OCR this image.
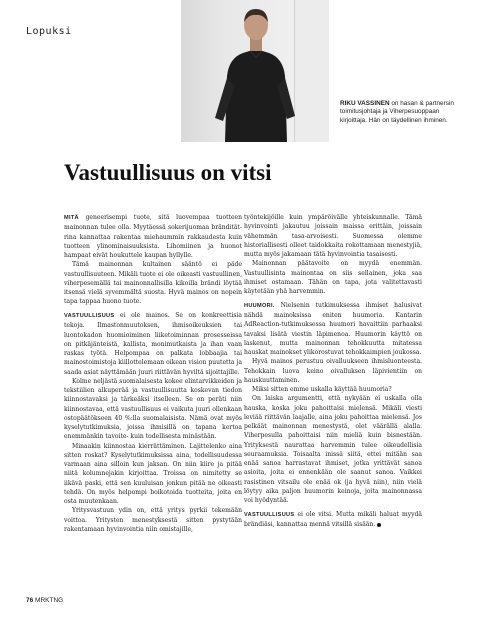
Lopuksi
RIKU VASSINEN on hasan & partnersin toimitusjohtaja ja Viherpesuoppaan kirjoittaja. Hän on täydellinen ihminen.
Vastuullisuus on vitsi

MITÄ geneerisempi tuote, sitä luovempaa tuotteen mainonnan tulee olla. Myytäessä sokerijuomaa brändität rina kannattaa rakentaa miehaummin rakkaudesta kuin tuotteen ylinominaisuuksista. Lihomiinen ja huonot hampaat eivät houkuttele kaupan hyllylle.

Tämä mainonnan kultainen sääntö ei päde vastuullisuuteen. Mikäli tuote ei ole oikeasti vastuullinen, viherpesemällä tai mainonnallisilla kikoilla brändi löytää itsensä vielä syvemmältä suosta. Hyvä mainos on nopein tapa tappaa huono tuote.

VASTUULLISUUS ei ole mainos. Se on konkreettisia tekoja. Ilmastonmuutoksen, ihmisoikeuksien tai luontokadon huomioiminen liiketoiminnan prosesseissa on pitkäjänteistä, kallista, monimutkaista ja ihan vaan raskas työtä. Helpompaa on palkata lobbaajia tai mainostoimistoja kiillottelemaan oikean vision puutetta ja saada asiat näyttämään juuri riittävän hyviltä sijoittajille.

Kolme neljästä suomalaisesta kokee elintarvikkeiden ja tekstiilien alkuperää ja vastuullisuutta koskevan tiedon kiinnostavaksi ja tärkeäksi itselleen. Se on peräti niin kiinnostavaa, että vastuullisuus ei vaikuta juuri ollenkaan ostopäätökseen 40 %:lla suomalaisista. Nämä ovat myös kyselytutkimuksia, joissa ihmisillä on tapana kertoa enemmänkin tavoite- kuin todellisesta minästään.

Minaakin kiinnostaa kierrättäminen. Lajittelenko aina sitten roskat? Kyselytutkimuksissa aina, todellisuudessa varmaan aina silloin kun jaksan. On niin kiire ja pitää niitä kolumnejakin kirjoittaa. Troissa on nimitetty se iikävä paski, että sen kuuluisan jonkun pitää ne oikeasti tehdä. On myös helpompi boikotoida tuotteita, joita en osta muutenkaan.

Yritysvastuun ydin on, että yritys pyrkii tekemään voittoa. Yritysten menestyksestä sitten pystytään rakentamaan hyvinvointia niin omistajille,

työntekijöille kuin ympäröivälle yhteiskunnalle. Tämä hyvinvointi jakautuu joissain maissa erittäin, joissain vähemmän tasa-arvoisesti. Suomessa olemme historiallisesti olleet taidokkaita rokottamaan menestyjiä, mutta myös jakamaan tätä hyvinvointia tasaisesti.

Mainonnan päätavoite on myydä enemmän. Vastuullisinta mainontaa on siis sellainen, joka saa ihmiset ostamaan. Tähän on tapa, jota valitettavasti käytetään yhä harvemmin.

HUUMORI. Nielsenin tutkimuksessa ihmiset halusivat nähdä mainoksissa eniten huumoria. Kantarin AdReaction-tutkimuksessa huumori havaittiin parhaaksi tavaksi lisätä viestin läpimenoa. Huumorin käyttö on laskenut, mutta mainonnan tehokkuutta mitatessa hauskat mainokset ylikorostuvat tehokkaimpien joukossa.

Hyvä mainos perustuu oivalluukseen ihmisluonteesta. Tehokkain luova keino oivalluksen läpivientiin on hauskuuttaminen.

Miksi sitten emme uskalla käyttää huumoria?

On laiska argumentti, että nykyään ei uskalla olla hauska, koska joku pahoittaisi mielensä. Mikäli viesti leviää riittävän laajalle, aina joku pahoittaa mielensä. Jos pelkäät mainonnan menestystä, olet väärällä alalla. Viherpesulla pahoittaisi niin mieliä kuin bisnestään. Yrityksestä naurattaa harvemmin tulee oikeudellisia seuraamuksia. Toisaalta inissä siitä, ettei mitään saa enää sanoa harrastavat ihmiset, jotka yrittävät sanoa asioita, joita ei ennenkään ole saanut sanoa. Vaikkei rasistinen vitsailu ole enää ok (ja hyvä niin), niin vielä löytyy aika paljon huumorin keinoja, joita mainonnassa voi hyödyntää.

VASTUULLISUUS ei ole vitsi. Mutta mikäli haluat myydä brändiäsi, kannattaa mennä vitsillä sisään.

76 MRKTNG
